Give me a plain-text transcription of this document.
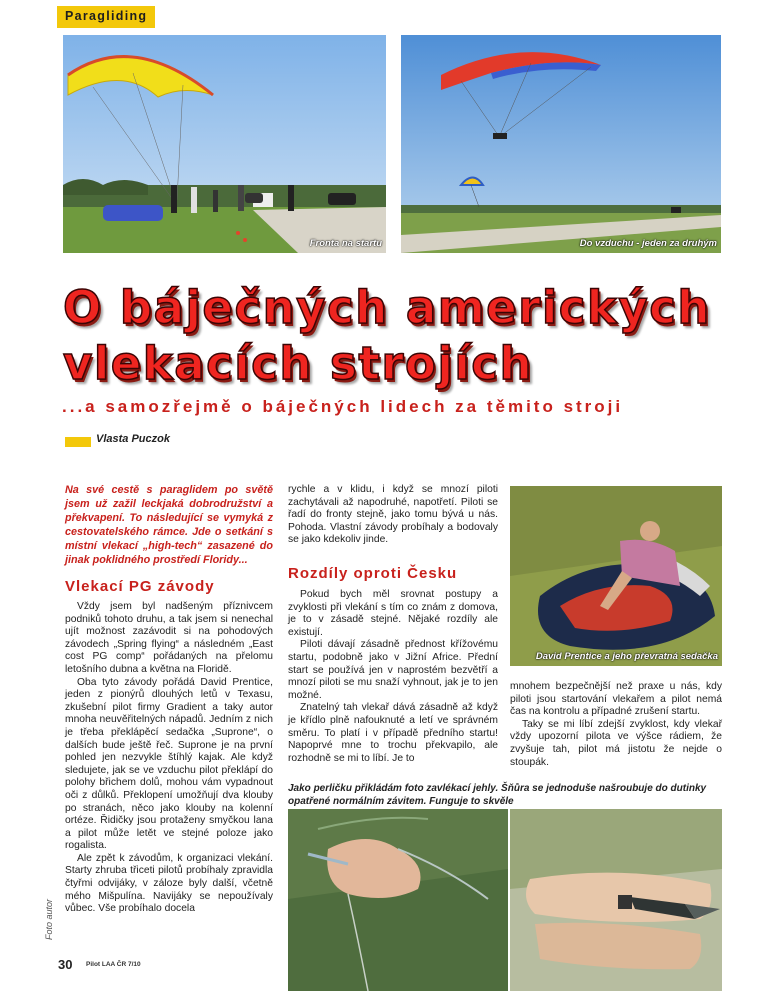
Paragliding
Fronta na startu	Do vzduchu - jeden za druhým
O báječných amerických
vlekacích strojích
...a samozřejmě o báječných lidech za těmito stroji
Vlasta Puczok
Na své cestě s paraglidem po světě jsem už zažil leckjaká dobrodružství a překvapení. To následující se vymyká z cestovatelského rámce. Jde o setkání s místní vlekací „high-tech“ zasazené do jinak poklidného prostředí Floridy...
Vlekací PG závody

Vždy jsem byl nadšeným příznivcem podniků tohoto druhu, a tak jsem si nenechal ujít možnost zazávodit si na pohodových závodech „Spring flying“ a následném „East cost PG comp“ pořádaných na přelomu letošního dubna a května na Floridě.

Oba tyto závody pořádá David Prentice, jeden z pionýrů dlouhých letů v Texasu, zkušební pilot firmy Gradient a taky autor mnoha neuvěřitelných nápadů. Jedním z nich je třeba překlápěcí sedačka „Suprone“, o dalších bude ještě řeč. Suprone je na první pohled jen nezvykle štíhlý kajak. Ale když sledujete, jak se ve vzduchu pilot překlápí do polohy břichem dolů, mohou vám vypadnout oči z důlků. Překlopení umožňují dva klouby po stranách, něco jako klouby na kolenní ortéze. Řidičky jsou protaženy smyčkou lana a pilot může letět ve stejné poloze jako rogalista.

Ale zpět k závodům, k organizaci vlekání. Starty zhruba třiceti pilotů probíhaly zpravidla čtyřmi odvijáky, v záloze byly další, včetně mého Mišpulína. Navijáky se nepoužívaly vůbec. Vše probíhalo docela

rychle a v klidu, i když se mnozí piloti zachytávali až napodruhé, napotřetí. Piloti se řadí do fronty stejně, jako tomu bývá u nás. Pohoda. Vlastní závody probíhaly a bodovaly se jako kdekoliv jinde.

Rozdíly oproti Česku

Pokud bych měl srovnat postupy a zvyklosti při vlekání s tím co znám z domova, je to v zásadě stejné. Nějaké rozdíly ale existují.

Piloti dávají zásadně přednost křížovému startu, podobně jako v Jižní Africe. Přední start se používá jen v naprostém bezvětří a mnozí piloti se mu snaží vyhnout, jak je to jen možné.

Znatelný tah vlekař dává zásadně až když je křídlo plně nafouknuté a letí ve správném směru. To platí i v případě předního startu! Napoprvé mne to trochu překvapilo, ale rozhodně se mi to líbí. Je to

David Prentice a jeho převratná sedačka

mnohem bezpečnější než praxe u nás, kdy piloti jsou startování vlekařem a pilot nemá čas na kontrolu a případné zrušení startu.

Taky se mi líbí zdejší zvyklost, kdy vlekař vždy upozorní pilota ve výšce rádiem, že zvyšuje tah, pilot má jistotu že nejde o stoupák.

Jako perličku přikládám foto zavlékací jehly. Šňůra se jednoduše našroubuje do dutinky opatřené normálním závitem. Funguje to skvěle
Foto autor
30 Pilot LAA ČR 7/10
